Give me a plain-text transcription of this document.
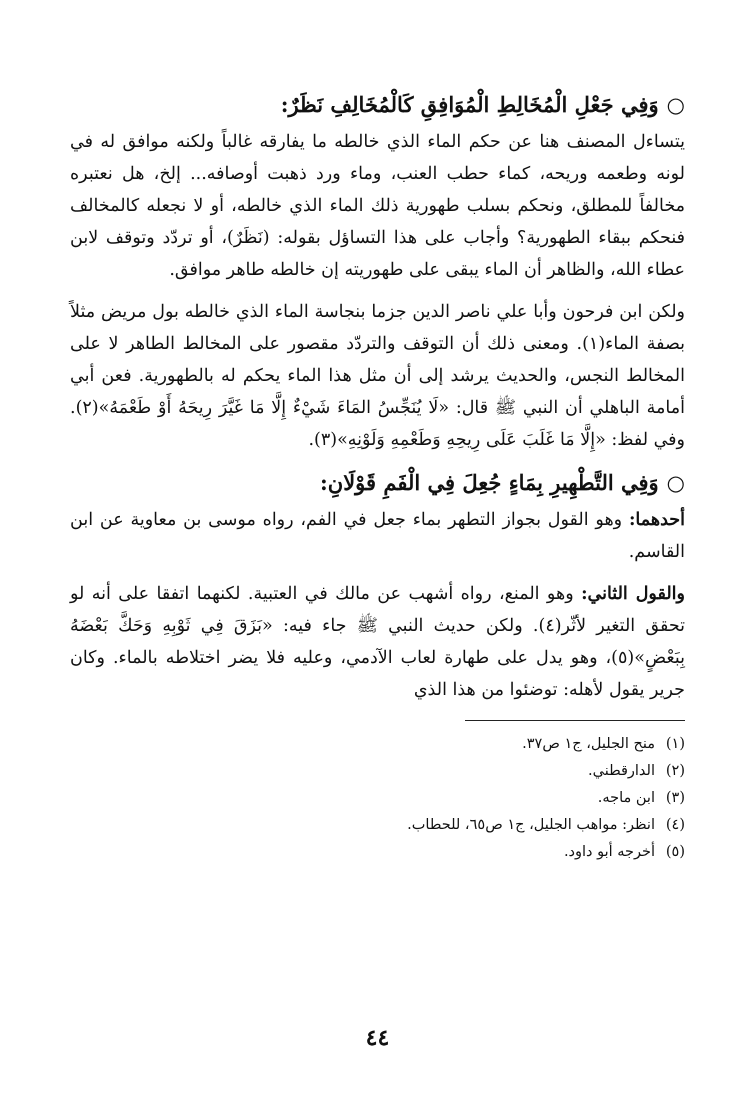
○وَفِي جَعْلِ الْمُخَالِطِ الْمُوَافِقِ كَالْمُخَالِفِ نَظَرٌ:

يتساءل المصنف هنا عن حكم الماء الذي خالطه ما يفارقه غالباً ولكنه موافق له في لونه وطعمه وريحه، كماء حطب العنب، وماء ورد ذهبت أوصافه... إلخ، هل نعتبره مخالفاً للمطلق، ونحكم بسلب طهورية ذلك الماء الذي خالطه، أو لا نجعله كالمخالف فنحكم ببقاء الطهورية؟ وأجاب على هذا التساؤل بقوله: (نَظَرٌ)، أو تردّد وتوقف لابن عطاء الله، والظاهر أن الماء يبقى على طهوريته إن خالطه طاهر موافق.

ولكن ابن فرحون وأبا علي ناصر الدين جزما بنجاسة الماء الذي خالطه بول مريض مثلاً بصفة الماء(١). ومعنى ذلك أن التوقف والتردّد مقصور على المخالط الطاهر لا على المخالط النجس، والحديث يرشد إلى أن مثل هذا الماء يحكم له بالطهورية. فعن أبي أمامة الباهلي أن النبي ﷺ قال: «لَا يُنَجِّسُ المَاءَ شَيْءٌ إِلَّا مَا غَيَّرَ رِيحَهُ أَوْ طَعْمَهُ»(٢). وفي لفظ: «إِلَّا مَا غَلَبَ عَلَى رِيحِهِ وَطَعْمِهِ وَلَوْنِهِ»(٣).

○وَفِي التَّطْهِيرِ بِمَاءٍ جُعِلَ فِي الْفَمِ قَوْلَانِ:

أحدهما: وهو القول بجواز التطهر بماء جعل في الفم، رواه موسى بن معاوية عن ابن القاسم.

والقول الثاني: وهو المنع، رواه أشهب عن مالك في العتبية. لكنهما اتفقا على أنه لو تحقق التغير لأثّر(٤). ولكن حديث النبي ﷺ جاء فيه: «بَزَقَ فِي ثَوْبِهِ وَحَكَّ بَعْضَهُ بِبَعْضٍ»(٥)، وهو يدل على طهارة لعاب الآدمي، وعليه فلا يضر اختلاطه بالماء. وكان جرير يقول لأهله: توضئوا من هذا الذي

(١)منح الجليل، ج١ ص٣٧.
(٢)الدارقطني.
(٣)ابن ماجه.
(٤)انظر: مواهب الجليل، ج١ ص٦٥، للحطاب.
(٥)أخرجه أبو داود.
٤٤
